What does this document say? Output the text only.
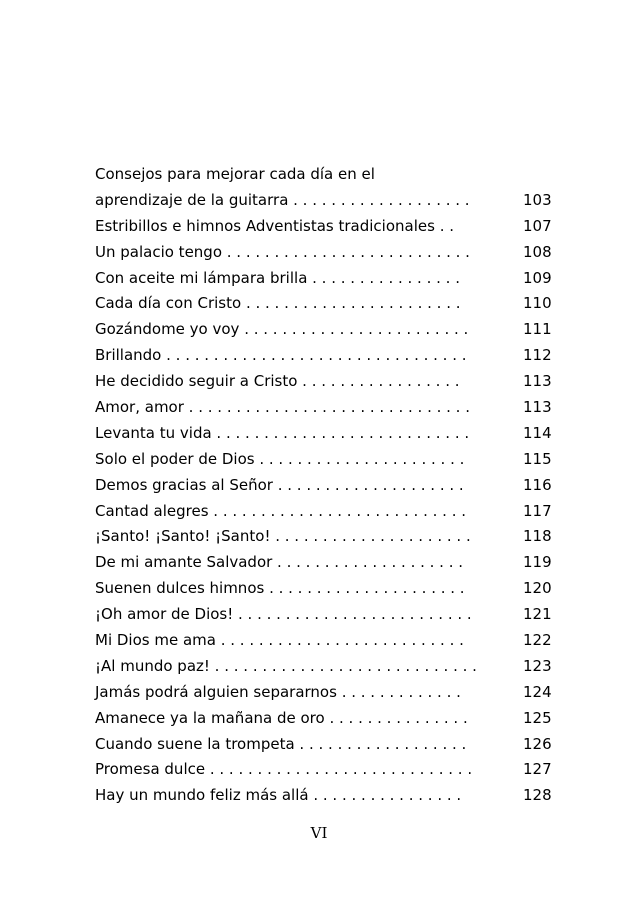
Consejos para mejorar cada día en el
aprendizaje de la guitarra . . . . . . . . . . . . . . . . . . .	103
Estribillos e himnos Adventistas tradicionales . .	107
Un palacio tengo . . . . . . . . . . . . . . . . . . . . . . . . . .	108
Con aceite mi lámpara brilla . . . . . . . . . . . . . . . .	109
Cada día con Cristo . . . . . . . . . . . . . . . . . . . . . . .	110
Gozándome yo voy . . . . . . . . . . . . . . . . . . . . . . . .	111
Brillando . . . . . . . . . . . . . . . . . . . . . . . . . . . . . . . .	112
He decidido seguir a Cristo . . . . . . . . . . . . . . . . .	113
Amor, amor . . . . . . . . . . . . . . . . . . . . . . . . . . . . . .	113
Levanta tu vida . . . . . . . . . . . . . . . . . . . . . . . . . . .	114
Solo el poder de Dios . . . . . . . . . . . . . . . . . . . . . .	115
Demos gracias al Señor . . . . . . . . . . . . . . . . . . . .	116
Cantad alegres . . . . . . . . . . . . . . . . . . . . . . . . . . .	117
¡Santo! ¡Santo! ¡Santo! . . . . . . . . . . . . . . . . . . . . .	118
De mi amante Salvador . . . . . . . . . . . . . . . . . . . .	119
Suenen dulces himnos . . . . . . . . . . . . . . . . . . . . .	120
¡Oh amor de Dios! . . . . . . . . . . . . . . . . . . . . . . . . .	121
Mi Dios me ama . . . . . . . . . . . . . . . . . . . . . . . . . .	122
¡Al mundo paz! . . . . . . . . . . . . . . . . . . . . . . . . . . . .	123
Jamás podrá alguien separarnos . . . . . . . . . . . . .	124
Amanece ya la mañana de oro . . . . . . . . . . . . . . .	125
Cuando suene la trompeta . . . . . . . . . . . . . . . . . .	126
Promesa dulce . . . . . . . . . . . . . . . . . . . . . . . . . . . .	127
Hay un mundo feliz más allá . . . . . . . . . . . . . . . .	128
VI
